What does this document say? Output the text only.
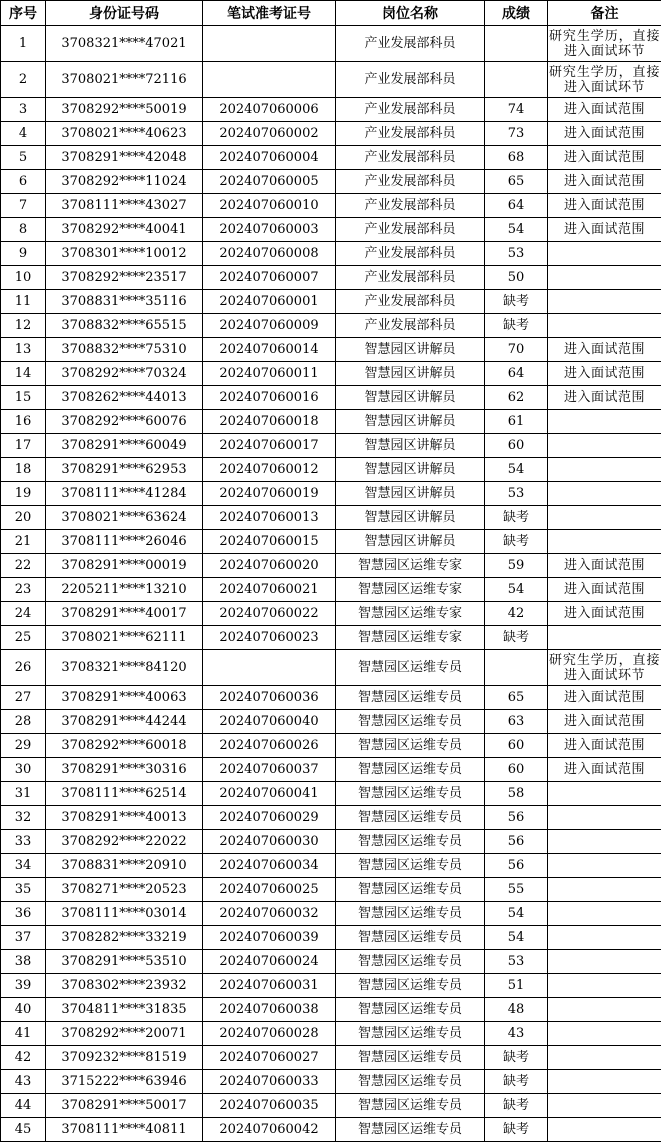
序号	身份证号码	笔试准考证号	岗位名称	成绩	备注
1	3708321****47021		产业发展部科员		研究生学历，直接进入面试环节
2	3708021****72116		产业发展部科员		研究生学历，直接进入面试环节
3	3708292****50019	202407060006	产业发展部科员	74	进入面试范围
4	3708021****40623	202407060002	产业发展部科员	73	进入面试范围
5	3708291****42048	202407060004	产业发展部科员	68	进入面试范围
6	3708292****11024	202407060005	产业发展部科员	65	进入面试范围
7	3708111****43027	202407060010	产业发展部科员	64	进入面试范围
8	3708292****40041	202407060003	产业发展部科员	54	进入面试范围
9	3708301****10012	202407060008	产业发展部科员	53	
10	3708292****23517	202407060007	产业发展部科员	50	
11	3708831****35116	202407060001	产业发展部科员	缺考	
12	3708832****65515	202407060009	产业发展部科员	缺考	
13	3708832****75310	202407060014	智慧园区讲解员	70	进入面试范围
14	3708292****70324	202407060011	智慧园区讲解员	64	进入面试范围
15	3708262****44013	202407060016	智慧园区讲解员	62	进入面试范围
16	3708292****60076	202407060018	智慧园区讲解员	61	
17	3708291****60049	202407060017	智慧园区讲解员	60	
18	3708291****62953	202407060012	智慧园区讲解员	54	
19	3708111****41284	202407060019	智慧园区讲解员	53	
20	3708021****63624	202407060013	智慧园区讲解员	缺考	
21	3708111****26046	202407060015	智慧园区讲解员	缺考	
22	3708291****00019	202407060020	智慧园区运维专家	59	进入面试范围
23	2205211****13210	202407060021	智慧园区运维专家	54	进入面试范围
24	3708291****40017	202407060022	智慧园区运维专家	42	进入面试范围
25	3708021****62111	202407060023	智慧园区运维专家	缺考	
26	3708321****84120		智慧园区运维专员		研究生学历，直接进入面试环节
27	3708291****40063	202407060036	智慧园区运维专员	65	进入面试范围
28	3708291****44244	202407060040	智慧园区运维专员	63	进入面试范围
29	3708292****60018	202407060026	智慧园区运维专员	60	进入面试范围
30	3708291****30316	202407060037	智慧园区运维专员	60	进入面试范围
31	3708111****62514	202407060041	智慧园区运维专员	58	
32	3708291****40013	202407060029	智慧园区运维专员	56	
33	3708292****22022	202407060030	智慧园区运维专员	56	
34	3708831****20910	202407060034	智慧园区运维专员	56	
35	3708271****20523	202407060025	智慧园区运维专员	55	
36	3708111****03014	202407060032	智慧园区运维专员	54	
37	3708282****33219	202407060039	智慧园区运维专员	54	
38	3708291****53510	202407060024	智慧园区运维专员	53	
39	3708302****23932	202407060031	智慧园区运维专员	51	
40	3704811****31835	202407060038	智慧园区运维专员	48	
41	3708292****20071	202407060028	智慧园区运维专员	43	
42	3709232****81519	202407060027	智慧园区运维专员	缺考	
43	3715222****63946	202407060033	智慧园区运维专员	缺考	
44	3708291****50017	202407060035	智慧园区运维专员	缺考	
45	3708111****40811	202407060042	智慧园区运维专员	缺考	
